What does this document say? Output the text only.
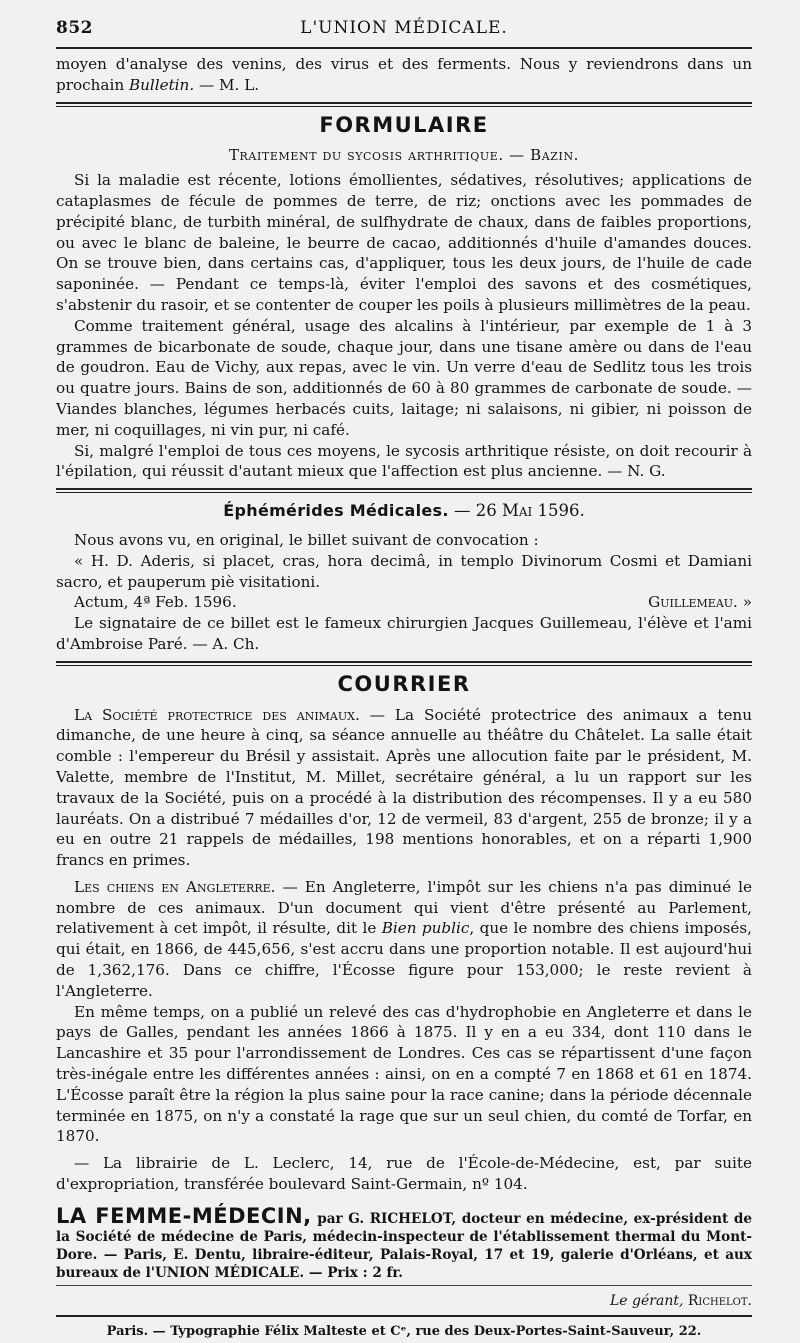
852	L'UNION MÉDICALE.

moyen d'analyse des venins, des virus et des ferments. Nous y reviendrons dans un prochain Bulletin. — M. L.

FORMULAIRE
Traitement du sycosis arthritique. — Bazin.

Si la maladie est récente, lotions émollientes, sédatives, résolutives; applications de cataplasmes de fécule de pommes de terre, de riz; onctions avec les pommades de précipité blanc, de turbith minéral, de sulfhydrate de chaux, dans de faibles proportions, ou avec le blanc de baleine, le beurre de cacao, additionnés d'huile d'amandes douces. On se trouve bien, dans certains cas, d'appliquer, tous les deux jours, de l'huile de cade saponinée. — Pendant ce temps-là, éviter l'emploi des savons et des cosmétiques, s'abstenir du rasoir, et se contenter de couper les poils à plusieurs millimètres de la peau.

Comme traitement général, usage des alcalins à l'intérieur, par exemple de 1 à 3 grammes de bicarbonate de soude, chaque jour, dans une tisane amère ou dans de l'eau de goudron. Eau de Vichy, aux repas, avec le vin. Un verre d'eau de Sedlitz tous les trois ou quatre jours. Bains de son, additionnés de 60 à 80 grammes de carbonate de soude. — Viandes blanches, légumes herbacés cuits, laitage; ni salaisons, ni gibier, ni poisson de mer, ni coquillages, ni vin pur, ni café.

Si, malgré l'emploi de tous ces moyens, le sycosis arthritique résiste, on doit recourir à l'épilation, qui réussit d'autant mieux que l'affection est plus ancienne. — N. G.

Éphémérides Médicales. — 26 Mai 1596.

Nous avons vu, en original, le billet suivant de convocation :

« H. D. Aderis, si placet, cras, hora decimâ, in templo Divinorum Cosmi et Damiani sacro, et pauperum piè visitationi.

Actum, 4ª Feb. 1596.	Guillemeau. »

Le signataire de ce billet est le fameux chirurgien Jacques Guillemeau, l'élève et l'ami d'Ambroise Paré. — A. Ch.

COURRIER

La Société protectrice des animaux. — La Société protectrice des animaux a tenu dimanche, de une heure à cinq, sa séance annuelle au théâtre du Châtelet. La salle était comble : l'empereur du Brésil y assistait. Après une allocution faite par le président, M. Valette, membre de l'Institut, M. Millet, secrétaire général, a lu un rapport sur les travaux de la Société, puis on a procédé à la distribution des récompenses. Il y a eu 580 lauréats. On a distribué 7 médailles d'or, 12 de vermeil, 83 d'argent, 255 de bronze; il y a eu en outre 21 rappels de médailles, 198 mentions honorables, et on a réparti 1,900 francs en primes.

Les chiens en Angleterre. — En Angleterre, l'impôt sur les chiens n'a pas diminué le nombre de ces animaux. D'un document qui vient d'être présenté au Parlement, relativement à cet impôt, il résulte, dit le Bien public, que le nombre des chiens imposés, qui était, en 1866, de 445,656, s'est accru dans une proportion notable. Il est aujourd'hui de 1,362,176. Dans ce chiffre, l'Écosse figure pour 153,000; le reste revient à l'Angleterre.

En même temps, on a publié un relevé des cas d'hydrophobie en Angleterre et dans le pays de Galles, pendant les années 1866 à 1875. Il y en a eu 334, dont 110 dans le Lancashire et 35 pour l'arrondissement de Londres. Ces cas se répartissent d'une façon très-inégale entre les différentes années : ainsi, on en a compté 7 en 1868 et 61 en 1874. L'Écosse paraît être la région la plus saine pour la race canine; dans la période décennale terminée en 1875, on n'y a constaté la rage que sur un seul chien, du comté de Torfar, en 1870.

— La librairie de L. Leclerc, 14, rue de l'École-de-Médecine, est, par suite d'expropriation, transférée boulevard Saint-Germain, nº 104.

LA FEMME-MÉDECIN, par G. RICHELOT, docteur en médecine, ex-président de la Société de médecine de Paris, médecin-inspecteur de l'établissement thermal du Mont-Dore. — Paris, E. Dentu, libraire-éditeur, Palais-Royal, 17 et 19, galerie d'Orléans, et aux bureaux de l'UNION MÉDICALE. — Prix : 2 fr.

Le gérant, Richelot.
Paris. — Typographie Félix Malteste et Cᵉ, rue des Deux-Portes-Saint-Sauveur, 22.
